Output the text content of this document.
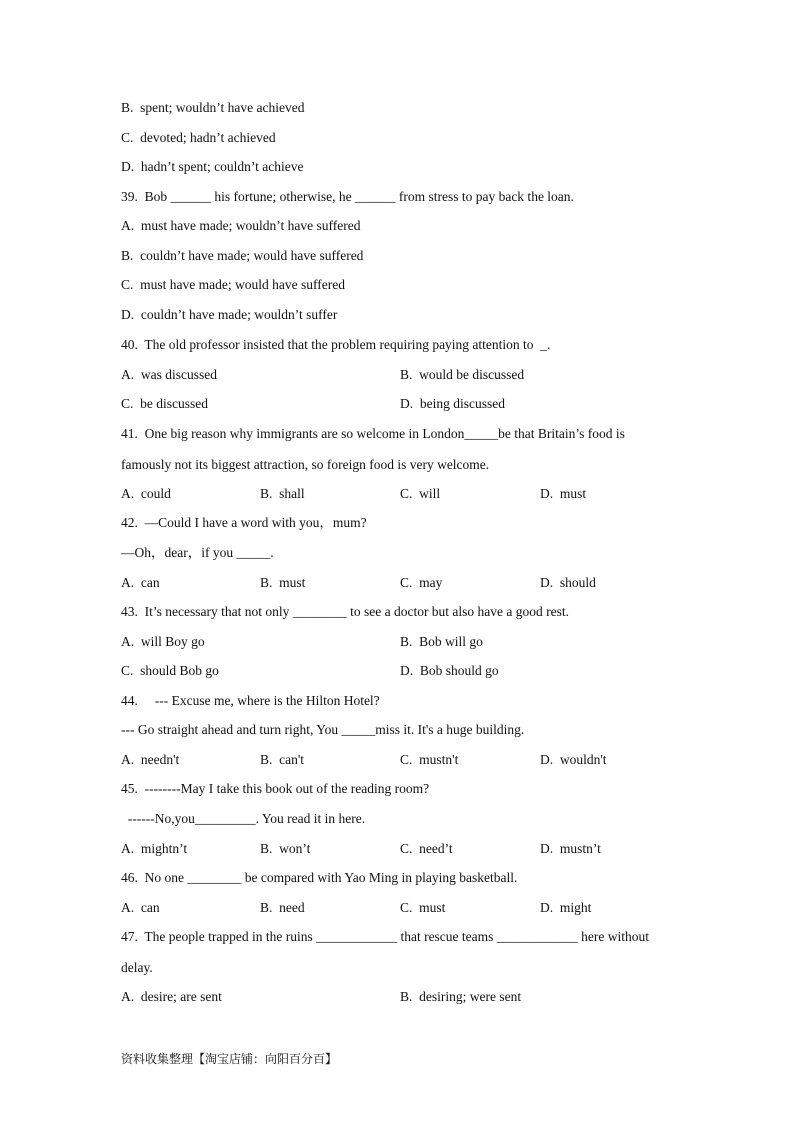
B.  spent; wouldn’t have achieved
C.  devoted; hadn’t achieved
D.  hadn’t spent; couldn’t achieve
39.  Bob ______ his fortune; otherwise, he ______ from stress to pay back the loan.
A.  must have made; wouldn’t have suffered
B.  couldn’t have made; would have suffered
C.  must have made; would have suffered
D.  couldn’t have made; wouldn’t suffer
40.  The old professor insisted that the problem requiring paying attention to  _.
A.  was discussed	B.  would be discussed
C.  be discussed	D.  being discussed
41.  One big reason why immigrants are so welcome in London_____be that Britain’s food is
famously not its biggest attraction, so foreign food is very welcome.
A.  could	B.  shall	C.  will	D.  must
42.  —Could I have a word with you，mum?
—Oh，dear，if you _____.
A.  can	B.  must	C.  may	D.  should
43.  It’s necessary that not only ________ to see a doctor but also have a good rest.
A.  will Boy go	B.  Bob will go
C.  should Bob go	D.  Bob should go
44.     --- Excuse me, where is the Hilton Hotel?
--- Go straight ahead and turn right, You _____miss it. It's a huge building.
A.  needn't	B.  can't	C.  mustn't	D.  wouldn't
45.  --------May I take this book out of the reading room?
------No,you_________. You read it in here.
A.  mightn’t	B.  won’t	C.  need’t	D.  mustn’t
46.  No one ________ be compared with Yao Ming in playing basketball.
A.  can	B.  need	C.  must	D.  might
47.  The people trapped in the ruins ____________ that rescue teams ____________ here without
delay.
A.  desire; are sent	B.  desiring; were sent
资料收集整理【淘宝店铺：向阳百分百】
